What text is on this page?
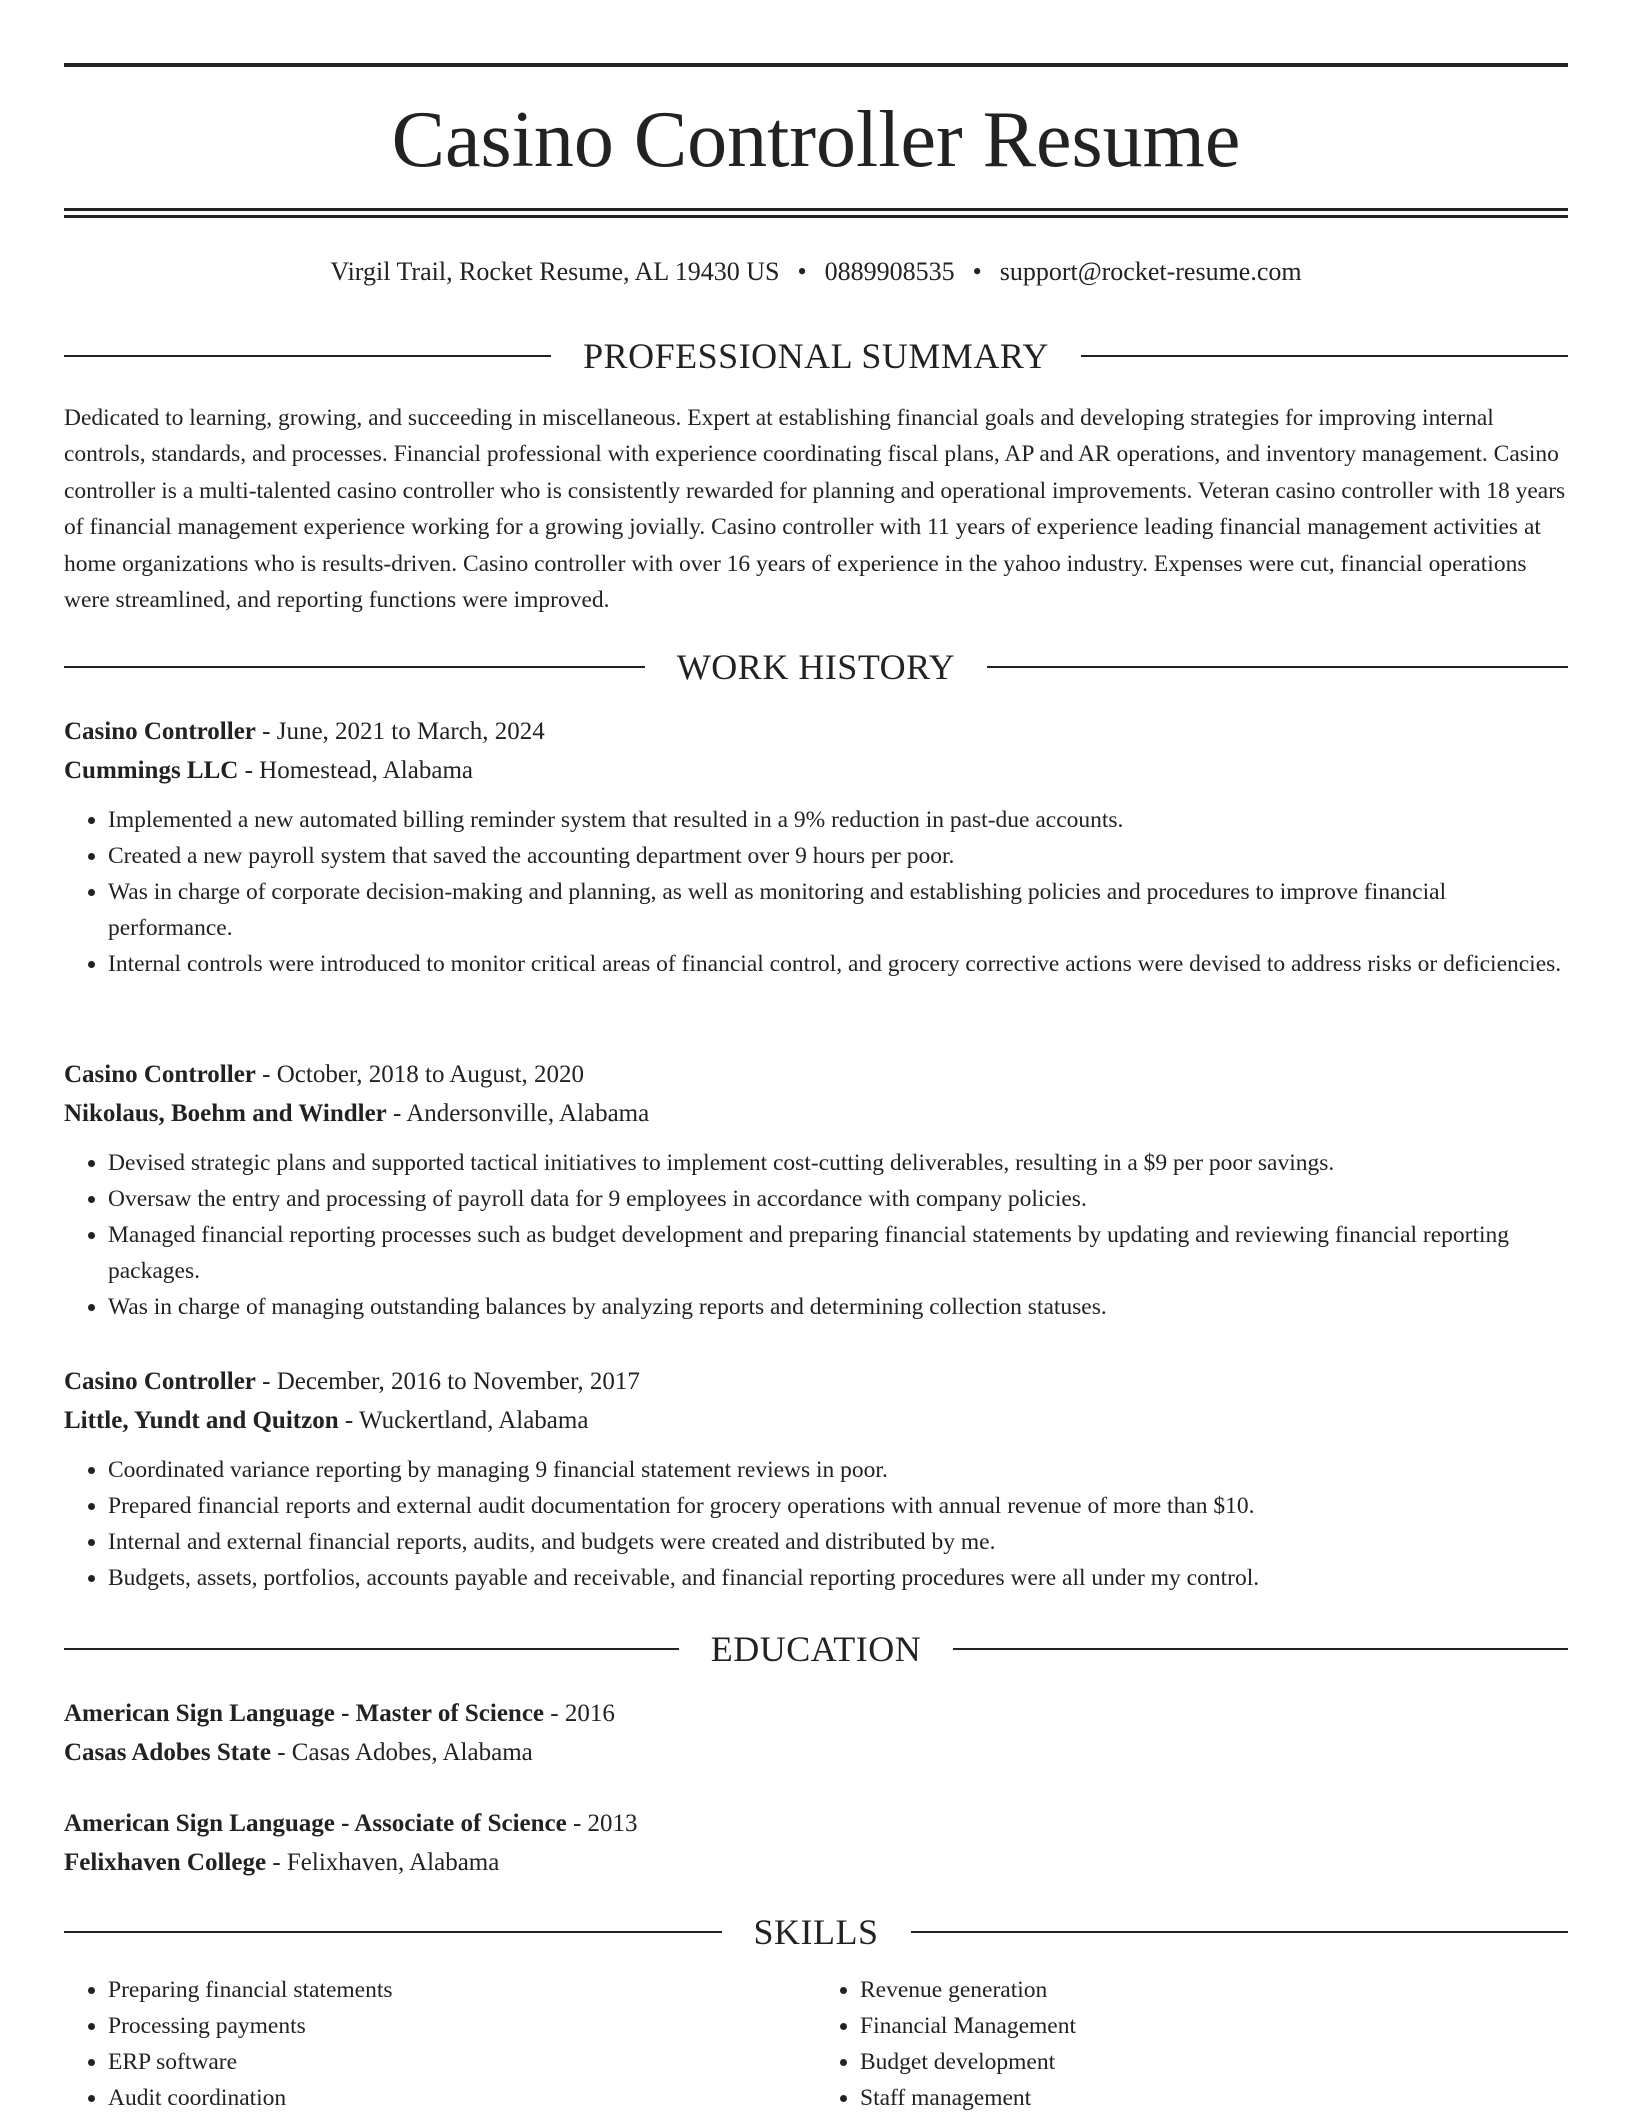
Casino Controller Resume
Virgil Trail, Rocket Resume, AL 19430 US • 0889908535 • support@rocket-resume.com
PROFESSIONAL SUMMARY

Dedicated to learning, growing, and succeeding in miscellaneous. Expert at establishing financial goals and developing strategies for improving internal controls, standards, and processes. Financial professional with experience coordinating fiscal plans, AP and AR operations, and inventory management. Casino controller is a multi-talented casino controller who is consistently rewarded for planning and operational improvements. Veteran casino controller with 18 years of financial management experience working for a growing jovially. Casino controller with 11 years of experience leading financial management activities at home organizations who is results-driven. Casino controller with over 16 years of experience in the yahoo industry. Expenses were cut, financial operations were streamlined, and reporting functions were improved.

WORK HISTORY
Casino Controller - June, 2021 to March, 2024
Cummings LLC - Homestead, Alabama
• Implemented a new automated billing reminder system that resulted in a 9% reduction in past-due accounts.
• Created a new payroll system that saved the accounting department over 9 hours per poor.
• Was in charge of corporate decision-making and planning, as well as monitoring and establishing policies and procedures to improve financial performance.
• Internal controls were introduced to monitor critical areas of financial control, and grocery corrective actions were devised to address risks or deficiencies.
Casino Controller - October, 2018 to August, 2020
Nikolaus, Boehm and Windler - Andersonville, Alabama
• Devised strategic plans and supported tactical initiatives to implement cost-cutting deliverables, resulting in a $9 per poor savings.
• Oversaw the entry and processing of payroll data for 9 employees in accordance with company policies.
• Managed financial reporting processes such as budget development and preparing financial statements by updating and reviewing financial reporting packages.
• Was in charge of managing outstanding balances by analyzing reports and determining collection statuses.
Casino Controller - December, 2016 to November, 2017
Little, Yundt and Quitzon - Wuckertland, Alabama
• Coordinated variance reporting by managing 9 financial statement reviews in poor.
• Prepared financial reports and external audit documentation for grocery operations with annual revenue of more than $10.
• Internal and external financial reports, audits, and budgets were created and distributed by me.
• Budgets, assets, portfolios, accounts payable and receivable, and financial reporting procedures were all under my control.
EDUCATION
American Sign Language - Master of Science - 2016
Casas Adobes State - Casas Adobes, Alabama
American Sign Language - Associate of Science - 2013
Felixhaven College - Felixhaven, Alabama
SKILLS
• Preparing financial statements
• Processing payments
• ERP software
• Audit coordination
• Revenue generation
• Financial Management
• Budget development
• Staff management
